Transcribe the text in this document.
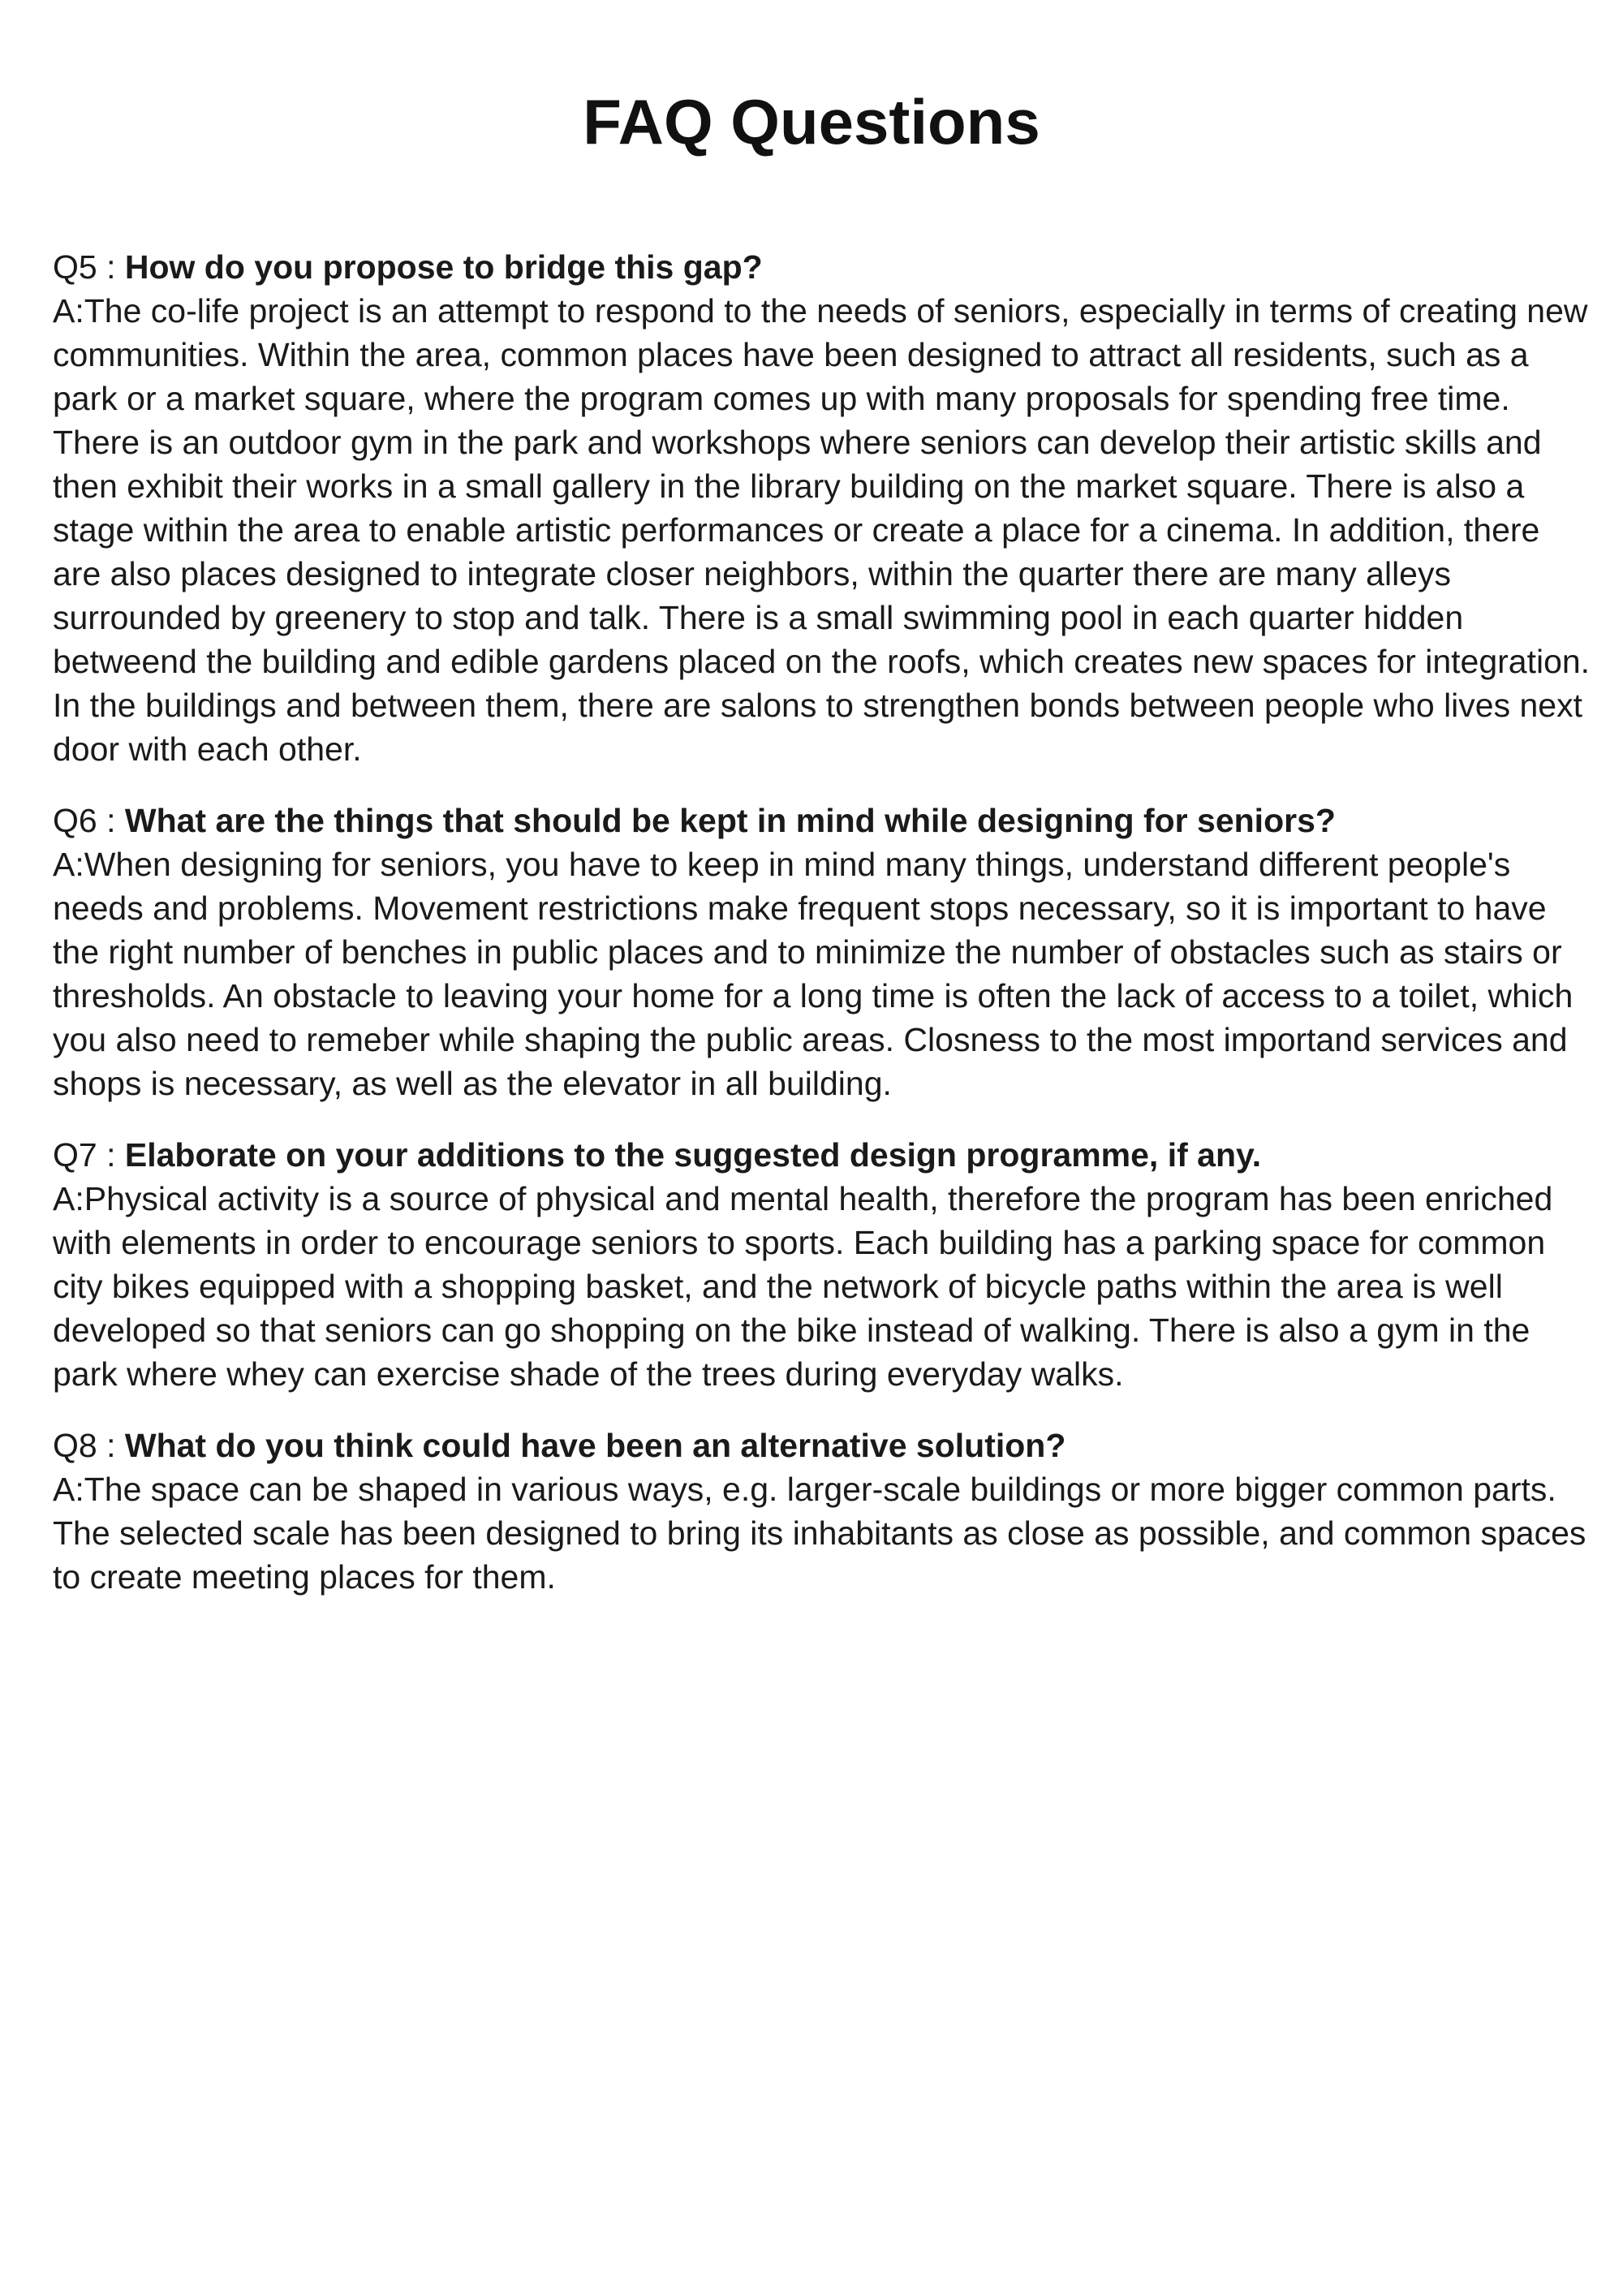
FAQ Questions

Q5 : How do you propose to bridge this gap?

A:The co-life project is an attempt to respond to the needs of seniors, especially in terms of creating new communities. Within the area, common places have been designed to attract all residents, such as a park or a market square, where the program comes up with many proposals for spending free time. There is an outdoor gym in the park and workshops where seniors can develop their artistic skills and then exhibit their works in a small gallery in the library building on the market square. There is also a stage within the area to enable artistic performances or create a place for a cinema. In addition, there are also places designed to integrate closer neighbors, within the quarter there are many alleys surrounded by greenery to stop and talk. There is a small swimming pool in each quarter hidden betweend the building and edible gardens placed on the roofs, which creates new spaces for integration. In the buildings and between them, there are salons to strengthen bonds between people who lives next door with each other.

Q6 : What are the things that should be kept in mind while designing for seniors?

A:When designing for seniors, you have to keep in mind many things, understand different people's needs and problems. Movement restrictions make frequent stops necessary, so it is important to have the right number of benches in public places and to minimize the number of obstacles such as stairs or thresholds. An obstacle to leaving your home for a long time is often the lack of access to a toilet, which you also need to remeber while shaping the public areas. Closness to the most importand services and shops is necessary, as well as the elevator in all building.

Q7 : Elaborate on your additions to the suggested design programme, if any.

A:Physical activity is a source of physical and mental health, therefore the program has been enriched with elements in order to encourage seniors to sports. Each building has a parking space for common city bikes equipped with a shopping basket, and the network of bicycle paths within the area is well developed so that seniors can go shopping on the bike instead of walking. There is also a gym in the park where whey can exercise shade of the trees during everyday walks.

Q8 : What do you think could have been an alternative solution?

A:The space can be shaped in various ways, e.g. larger-scale buildings or more bigger common parts. The selected scale has been designed to bring its inhabitants as close as possible, and common spaces to create meeting places for them.
